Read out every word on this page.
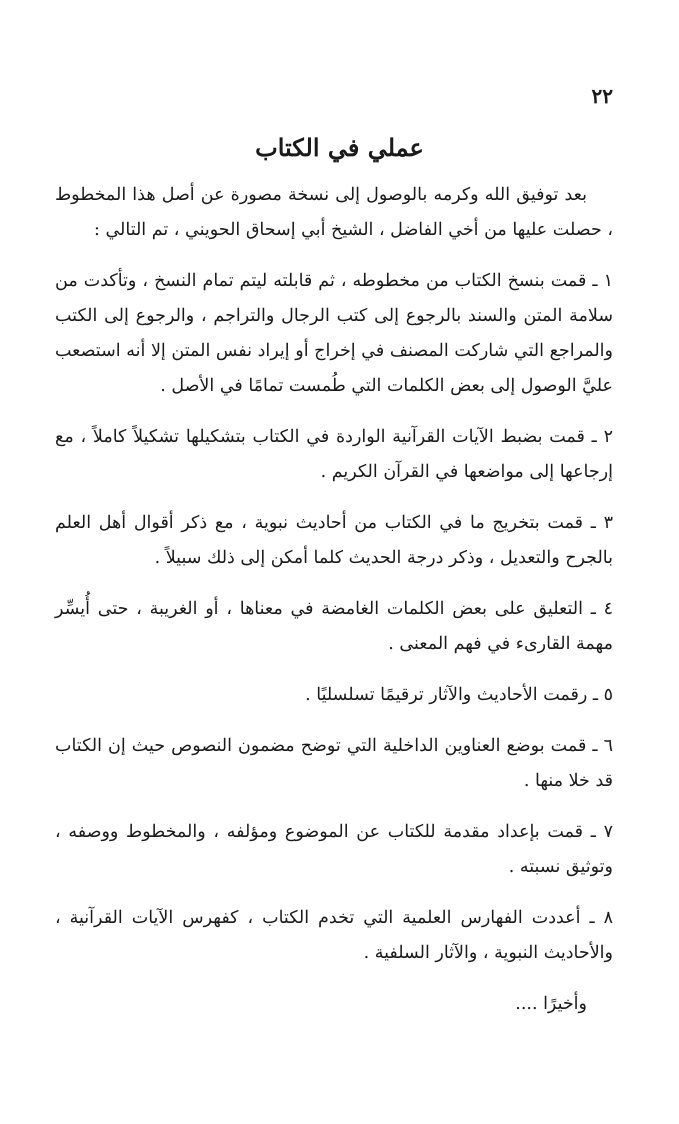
٢٢
عملي في الكتاب

بعد توفيق الله وكرمه بالوصول إلى نسخة مصورة عن أصل هذا المخطوط ، حصلت عليها من أخي الفاضل ، الشيخ أبي إسحاق الحويني ، تم التالي :

١ ـ قمت بنسخ الكتاب من مخطوطه ، ثم قابلته ليتم تمام النسخ ، وتأكدت من سلامة المتن والسند بالرجوع إلى كتب الرجال والتراجم ، والرجوع إلى الكتب والمراجع التي شاركت المصنف في إخراج أو إيراد نفس المتن إلا أنه استصعب عليَّ الوصول إلى بعض الكلمات التي طُمست تمامًا في الأصل .

٢ ـ قمت بضبط الآيات القرآنية الواردة في الكتاب بتشكيلها تشكيلاً كاملاً ، مع إرجاعها إلى مواضعها في القرآن الكريم .

٣ ـ قمت بتخريج ما في الكتاب من أحاديث نبوية ، مع ذكر أقوال أهل العلم بالجرح والتعديل ، وذكر درجة الحديث كلما أمكن إلى ذلك سبيلاً .

٤ ـ التعليق على بعض الكلمات الغامضة في معناها ، أو الغريبة ، حتى أُيسِّر مهمة القارىء في فهم المعنى .

٥ ـ رقمت الأحاديث والآثار ترقيمًا تسلسليًا .

٦ ـ قمت بوضع العناوين الداخلية التي توضح مضمون النصوص حيث إن الكتاب قد خلا منها .

٧ ـ قمت بإعداد مقدمة للكتاب عن الموضوع ومؤلفه ، والمخطوط ووصفه ، وتوثيق نسبته .

٨ ـ أعددت الفهارس العلمية التي تخدم الكتاب ، كفهرس الآيات القرآنية ، والأحاديث النبوية ، والآثار السلفية .

وأخيرًا ....
